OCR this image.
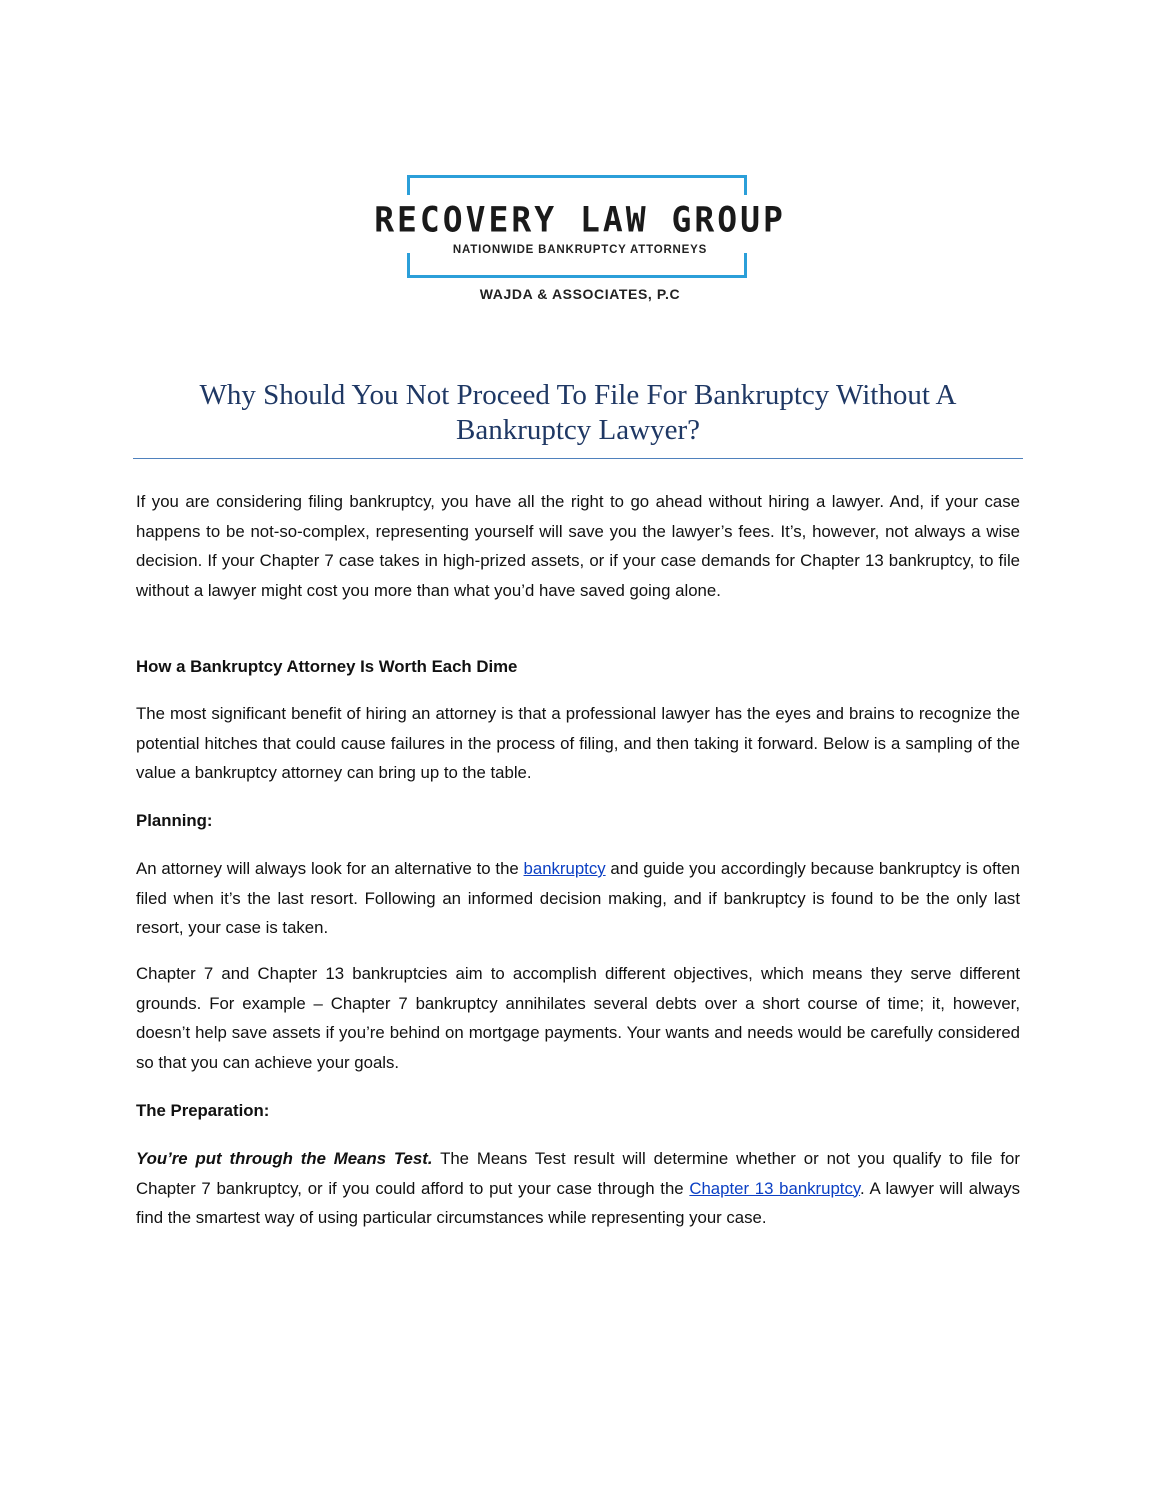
RECOVERY LAW GROUP
NATIONWIDE BANKRUPTCY ATTORNEYS
WAJDA & ASSOCIATES, P.C
Why Should You Not Proceed To File For Bankruptcy Without A Bankruptcy Lawyer?

If you are considering filing bankruptcy, you have all the right to go ahead without hiring a lawyer. And, if your case happens to be not-so-complex, representing yourself will save you the lawyer’s fees. It’s, however, not always a wise decision. If your Chapter 7 case takes in high-prized assets, or if your case demands for Chapter 13 bankruptcy, to file without a lawyer might cost you more than what you’d have saved going alone.

How a Bankruptcy Attorney Is Worth Each Dime

The most significant benefit of hiring an attorney is that a professional lawyer has the eyes and brains to recognize the potential hitches that could cause failures in the process of filing, and then taking it forward. Below is a sampling of the value a bankruptcy attorney can bring up to the table.

Planning:

An attorney will always look for an alternative to the bankruptcy and guide you accordingly because bankruptcy is often filed when it’s the last resort. Following an informed decision making, and if bankruptcy is found to be the only last resort, your case is taken.

Chapter 7 and Chapter 13 bankruptcies aim to accomplish different objectives, which means they serve different grounds. For example – Chapter 7 bankruptcy annihilates several debts over a short course of time; it, however, doesn’t help save assets if you’re behind on mortgage payments. Your wants and needs would be carefully considered so that you can achieve your goals.

The Preparation:

You’re put through the Means Test. The Means Test result will determine whether or not you qualify to file for Chapter 7 bankruptcy, or if you could afford to put your case through the Chapter 13 bankruptcy. A lawyer will always find the smartest way of using particular circumstances while representing your case.
